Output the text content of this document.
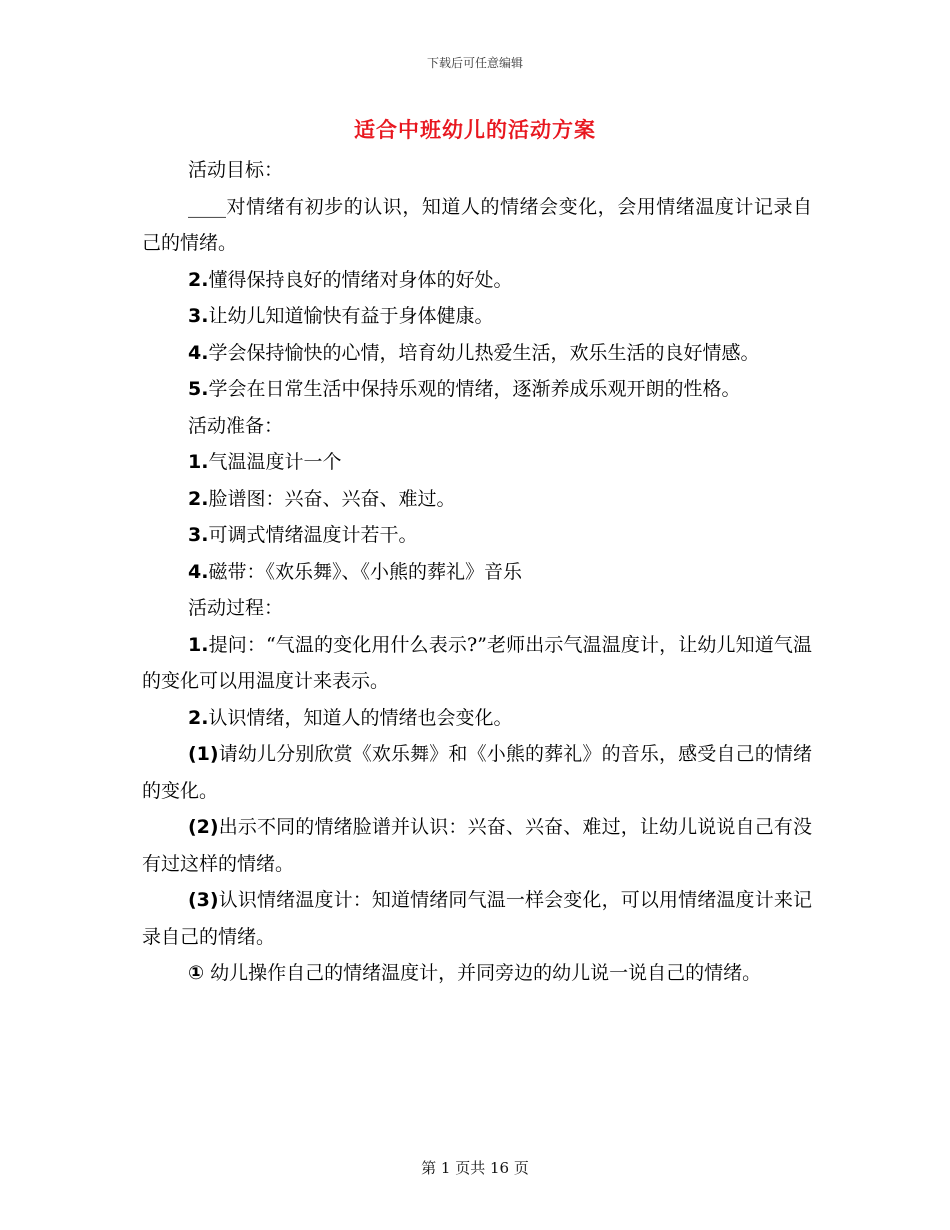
下载后可任意编辑
适合中班幼儿的活动方案

活动目标：

____对情绪有初步的认识，知道人的情绪会变化，会用情绪温度计记录自己的情绪。

2.懂得保持良好的情绪对身体的好处。

3.让幼儿知道愉快有益于身体健康。

4.学会保持愉快的心情，培育幼儿热爱生活，欢乐生活的良好情感。

5.学会在日常生活中保持乐观的情绪，逐渐养成乐观开朗的性格。

活动准备：

1.气温温度计一个

2.脸谱图：兴奋、兴奋、难过。

3.可调式情绪温度计若干。

4.磁带：《欢乐舞》、《小熊的葬礼》音乐

活动过程：

1.提问：“气温的变化用什么表示?”老师出示气温温度计，让幼儿知道气温的变化可以用温度计来表示。

2.认识情绪，知道人的情绪也会变化。

(1)请幼儿分别欣赏《欢乐舞》和《小熊的葬礼》的音乐，感受自己的情绪的变化。

(2)出示不同的情绪脸谱并认识：兴奋、兴奋、难过，让幼儿说说自己有没有过这样的情绪。

(3)认识情绪温度计：知道情绪同气温一样会变化，可以用情绪温度计来记录自己的情绪。

① 幼儿操作自己的情绪温度计，并同旁边的幼儿说一说自己的情绪。

第 1 页共 16 页
